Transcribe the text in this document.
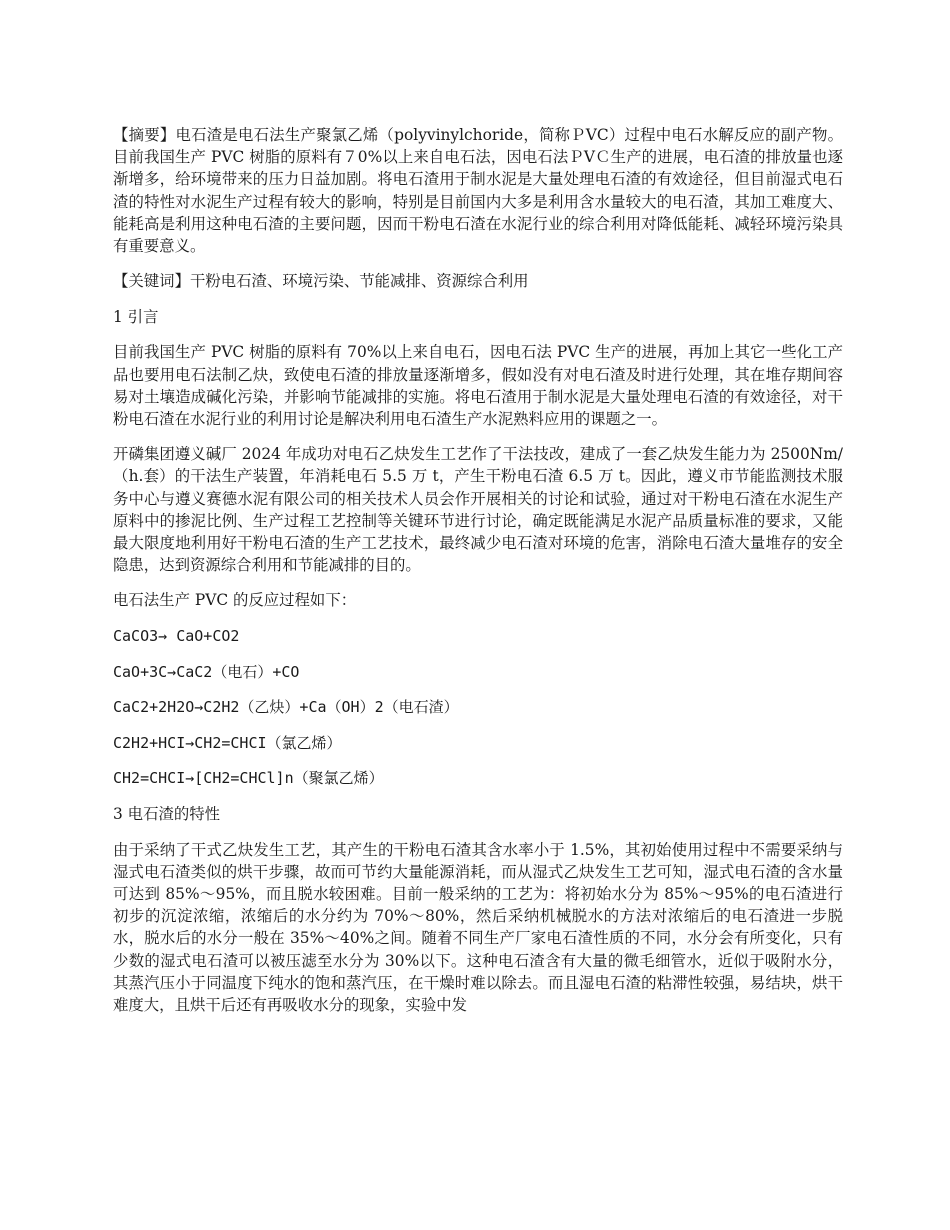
【摘要】电石渣是电石法生产聚氯乙烯（polyvinylchoride，简称ＰVC）过程中电石水解反应的副产物。目前我国生产 PVC 树脂的原料有７0%以上来自电石法，因电石法ＰVＣ生产的进展，电石渣的排放量也逐渐增多，给环境带来的压力日益加剧。将电石渣用于制水泥是大量处理电石渣的有效途径，但目前湿式电石渣的特性对水泥生产过程有较大的影响，特别是目前国内大多是利用含水量较大的电石渣，其加工难度大、能耗高是利用这种电石渣的主要问题，因而干粉电石渣在水泥行业的综合利用对降低能耗、减轻环境污染具有重要意义。

【关键词】干粉电石渣、环境污染、节能减排、资源综合利用

1 引言

目前我国生产 PVC 树脂的原料有 70%以上来自电石，因电石法 PVC 生产的进展，再加上其它一些化工产品也要用电石法制乙炔，致使电石渣的排放量逐渐增多，假如没有对电石渣及时进行处理，其在堆存期间容易对土壤造成碱化污染，并影响节能减排的实施。将电石渣用于制水泥是大量处理电石渣的有效途径，对干粉电石渣在水泥行业的利用讨论是解决利用电石渣生产水泥熟料应用的课题之一。

开磷集团遵义碱厂 2024 年成功对电石乙炔发生工艺作了干法技改，建成了一套乙炔发生能力为 2500Nm/（h.套）的干法生产装置，年消耗电石 5.5 万 t，产生干粉电石渣 6.5 万 t。因此，遵义市节能监测技术服务中心与遵义赛德水泥有限公司的相关技术人员会作开展相关的讨论和试验，通过对干粉电石渣在水泥生产原料中的掺泥比例、生产过程工艺控制等关键环节进行讨论，确定既能满足水泥产品质量标准的要求，又能最大限度地利用好干粉电石渣的生产工艺技术，最终减少电石渣对环境的危害，消除电石渣大量堆存的安全隐患，达到资源综合利用和节能减排的目的。

电石法生产 PVC 的反应过程如下：

CaCO3→ CaO+CO2

CaO+3C→CaC2（电石）+CO

CaC2+2H2O→C2H2（乙炔）+Ca（OH）2（电石渣）

C2H2+HCI→CH2=CHCI（氯乙烯）

CH2=CHCI→[CH2=CHCl]n（聚氯乙烯）

3 电石渣的特性

由于采纳了干式乙炔发生工艺，其产生的干粉电石渣其含水率小于 1.5%，其初始使用过程中不需要采纳与湿式电石渣类似的烘干步骤，故而可节约大量能源消耗，而从湿式乙炔发生工艺可知，湿式电石渣的含水量可达到 85%～95%，而且脱水较困难。目前一般采纳的工艺为：将初始水分为 85%～95%的电石渣进行初步的沉淀浓缩，浓缩后的水分约为 70%～80%，然后采纳机械脱水的方法对浓缩后的电石渣进一步脱水，脱水后的水分一般在 35%～40%之间。随着不同生产厂家电石渣性质的不同，水分会有所变化，只有少数的湿式电石渣可以被压滤至水分为 30%以下。这种电石渣含有大量的微毛细管水，近似于吸附水分，其蒸汽压小于同温度下纯水的饱和蒸汽压，在干燥时难以除去。而且湿电石渣的粘滞性较强，易结块，烘干难度大，且烘干后还有再吸收水分的现象，实验中发
